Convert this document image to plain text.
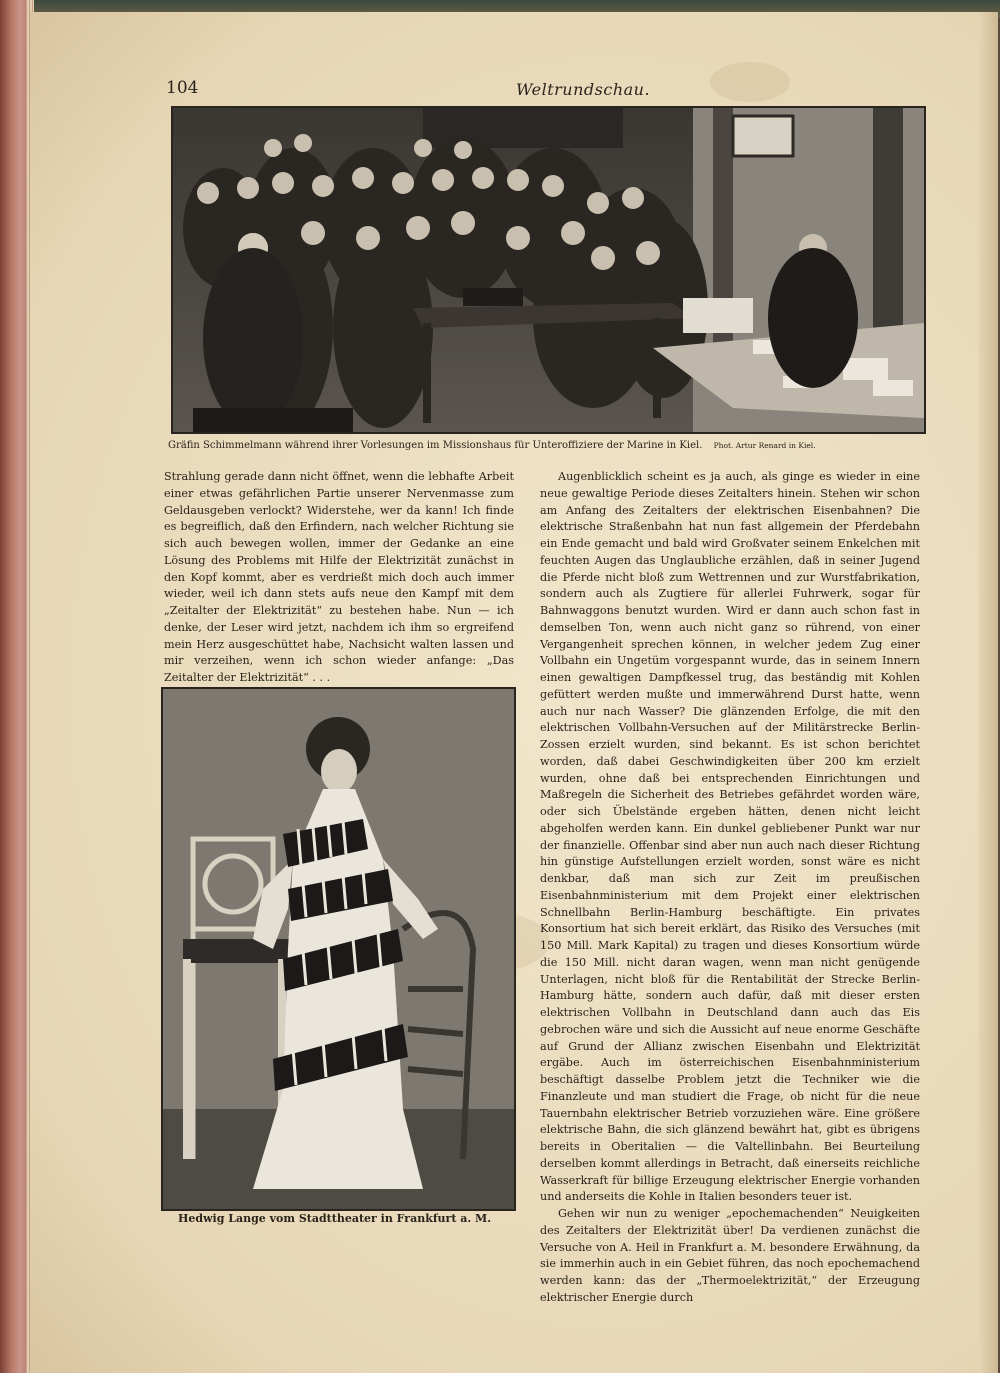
104	Weltrundschau.
Gräfin Schimmelmann während ihrer Vorlesungen im Missionshaus für Unteroffiziere der Marine in Kiel. Phot. Artur Renard in Kiel.
Hedwig Lange vom Stadttheater in Frankfurt a. M.

Strahlung gerade dann nicht öffnet, wenn die lebhafte Arbeit einer etwas gefährlichen Partie unserer Nervenmasse zum Geldausgeben verlockt? Widerstehe, wer da kann! Ich finde es begreiflich, daß den Erfindern, nach welcher Richtung sie sich auch bewegen wollen, immer der Gedanke an eine Lösung des Problems mit Hilfe der Elektrizität zunächst in den Kopf kommt, aber es verdrießt mich doch auch immer wieder, weil ich dann stets aufs neue den Kampf mit dem „Zeitalter der Elektrizität“ zu bestehen habe. Nun — ich denke, der Leser wird jetzt, nachdem ich ihm so ergreifend mein Herz ausgeschüttet habe, Nachsicht walten lassen und mir verzeihen, wenn ich schon wieder anfange: „Das Zeitalter der Elektrizität“ . . .

Augenblicklich scheint es ja auch, als ginge es wieder in eine neue gewaltige Periode dieses Zeitalters hinein. Stehen wir schon am Anfang des Zeitalters der elektrischen Eisenbahnen? Die elektrische Straßenbahn hat nun fast allgemein der Pferdebahn ein Ende gemacht und bald wird Großvater seinem Enkelchen mit feuchten Augen das Unglaubliche erzählen, daß in seiner Jugend die Pferde nicht bloß zum Wettrennen und zur Wurstfabrikation, sondern auch als Zugtiere für allerlei Fuhrwerk, sogar für Bahnwaggons benutzt wurden. Wird er dann auch schon fast in demselben Ton, wenn auch nicht ganz so rührend, von einer Vergangenheit sprechen können, in welcher jedem Zug einer Vollbahn ein Ungetüm vorgespannt wurde, das in seinem Innern einen gewaltigen Dampfkessel trug, das beständig mit Kohlen gefüttert werden mußte und immerwährend Durst hatte, wenn auch nur nach Wasser? Die glänzenden Erfolge, die mit den elektrischen Vollbahn-Versuchen auf der Militärstrecke Berlin-Zossen erzielt wurden, sind bekannt. Es ist schon berichtet worden, daß dabei Geschwindigkeiten über 200 km erzielt wurden, ohne daß bei entsprechenden Einrichtungen und Maßregeln die Sicherheit des Betriebes gefährdet worden wäre, oder sich Übelstände ergeben hätten, denen nicht leicht abgeholfen werden kann. Ein dunkel gebliebener Punkt war nur der finanzielle. Offenbar sind aber nun auch nach dieser Richtung hin günstige Aufstellungen erzielt worden, sonst wäre es nicht denkbar, daß man sich zur Zeit im preußischen Eisenbahnministerium mit dem Projekt einer elektrischen Schnellbahn Berlin-Hamburg beschäftigte. Ein privates Konsortium hat sich bereit erklärt, das Risiko des Versuches (mit 150 Mill. Mark Kapital) zu tragen und dieses Konsortium würde die 150 Mill. nicht daran wagen, wenn man nicht genügende Unterlagen, nicht bloß für die Rentabilität der Strecke Berlin-Hamburg hätte, sondern auch dafür, daß mit dieser ersten elektrischen Vollbahn in Deutschland dann auch das Eis gebrochen wäre und sich die Aussicht auf neue enorme Geschäfte auf Grund der Allianz zwischen Eisenbahn und Elektrizität ergäbe. Auch im österreichischen Eisenbahnministerium beschäftigt dasselbe Problem jetzt die Techniker wie die Finanzleute und man studiert die Frage, ob nicht für die neue Tauernbahn elektrischer Betrieb vorzuziehen wäre. Eine größere elektrische Bahn, die sich glänzend bewährt hat, gibt es übrigens bereits in Oberitalien — die Valtellinbahn. Bei Beurteilung derselben kommt allerdings in Betracht, daß einerseits reichliche Wasserkraft für billige Erzeugung elektrischer Energie vorhanden und anderseits die Kohle in Italien besonders teuer ist.

Gehen wir nun zu weniger „epochemachenden“ Neuigkeiten des Zeitalters der Elektrizität über! Da verdienen zunächst die Versuche von A. Heil in Frankfurt a. M. besondere Erwähnung, da sie immerhin auch in ein Gebiet führen, das noch epochemachend werden kann: das der „Thermoelektrizität,“ der Erzeugung elektrischer Energie durch
